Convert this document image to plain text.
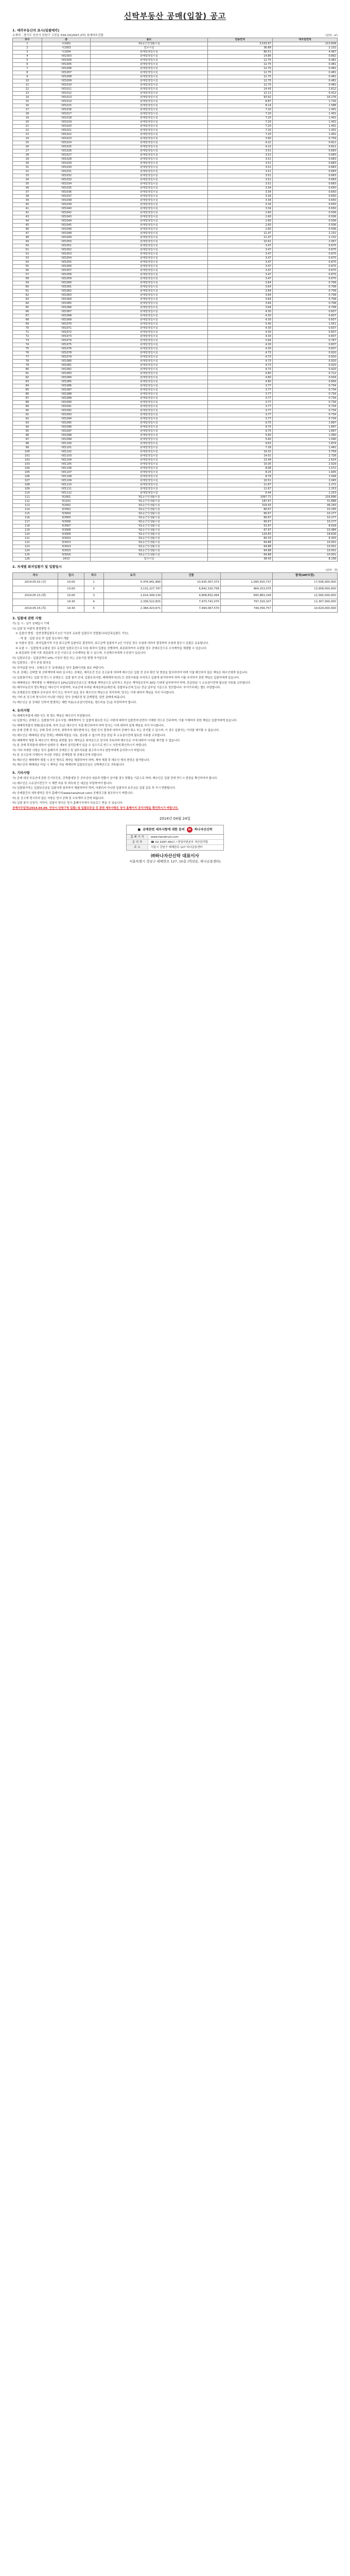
신탁부동산 공매(입찰) 공고
1. 매각부동산의 표시(일괄매각)
소재지 : 경기도 안산시 단원구 고잔동 539-10(2007,2비) 롯데마트건물	(단위 : ㎡)
호수	층	용도	전용면적	대지권면적
1	지1001	제2종근린생활시설	3,533.97	213.838
2	지1503	업무시설	36.89	2.232
3	지1504	판매및영업시설	80.51	4.467
4	지E1003	판매및영업시설	14.86	0.892
5	지E1004	판매및영업시설	12.75	0.481
6	지E1005	판매및영업시설	12.75	0.481
7	지E1006	판매및영업시설	12.75	0.481
8	지E1007	판매및영업시설	12.75	0.481
9	지E1008	판매및영업시설	12.75	0.481
10	지E1009	판매및영업시설	12.75	0.481
11	지E1010	판매및영업시설	12.75	0.481
12	지E1011	판매및영업시설	14.45	2.812
13	지E1012	판매및영업시설	12.11	0.412
14	지E1013	판매및영업시설	93.92	16.276
15	지E1014	판매및영업시설	8.87	1.726
16	지E1015	판매및영업시설	8.14	1.588
17	지E1016	판매및영업시설	7.20	1.401
18	지E1017	판매및영업시설	7.20	1.401
19	지E1018	판매및영업시설	7.20	1.401
20	지E1019	판매및영업시설	7.20	1.401
21	지E1020	판매및영업시설	7.20	1.401
22	지E1021	판매및영업시설	7.20	1.401
23	지E1022	판매및영업시설	7.20	1.401
24	지E1023	판매및영업시설	3.90	0.759
25	지E1024	판매및영업시설	4.22	0.821
26	지E1025	판매및영업시설	4.22	0.821
27	지E1026	판매및영업시설	3.51	0.683
28	지E1027	판매및영업시설	3.51	0.683
29	지E1028	판매및영업시설	3.51	0.683
30	지E1029	판매및영업시설	3.51	0.683
31	지E1030	판매및영업시설	3.51	0.683
32	지E1031	판매및영업시설	3.51	0.683
33	지E1032	판매및영업시설	3.51	0.683
34	지E1033	판매및영업시설	3.51	0.683
35	지E1034	판매및영업시설	3.51	0.683
36	지E1035	판매및영업시설	3.34	0.650
37	지E1036	판매및영업시설	3.34	0.650
38	지E1037	판매및영업시설	3.34	0.650
39	지E1038	판매및영업시설	3.34	0.650
40	지E1039	판매및영업시설	3.34	0.650
41	지E1040	판매및영업시설	3.34	0.650
42	지E1042	판매및영업시설	2.60	0.506
43	지E1043	판매및영업시설	2.60	0.506
44	지E1044	판매및영업시설	2.60	0.506
45	지E1045	판매및영업시설	2.60	0.506
46	지E1046	판매및영업시설	2.60	0.506
47	지E1048	판매및영업시설	11.47	2.232
48	지E1049	판매및영업시설	11.47	2.232
49	지E1050	판매및영업시설	10.62	2.067
50	지E1051	판매및영업시설	3.47	0.675
51	지E1052	판매및영업시설	3.47	0.675
52	지E1053	판매및영업시설	3.47	0.675
53	지E1054	판매및영업시설	3.47	0.675
54	지E1055	판매및영업시설	3.47	0.675
55	지E1056	판매및영업시설	3.47	0.675
56	지E1057	판매및영업시설	3.47	0.675
57	지E1058	판매및영업시설	3.47	0.675
58	지E1059	판매및영업시설	3.47	0.675
59	지E1060	판매및영업시설	3.64	0.708
60	지E1061	판매및영업시설	3.64	0.708
61	지E1062	판매및영업시설	3.64	0.708
62	지E1063	판매및영업시설	3.64	0.708
63	지E1064	판매및영업시설	3.64	0.708
64	지E1065	판매및영업시설	3.64	0.708
65	지E1066	판매및영업시설	3.64	0.708
66	지E1067	판매및영업시설	4.30	0.837
67	지E1068	판매및영업시설	4.30	0.837
68	지E1069	판매및영업시설	4.30	0.837
69	지E1070	판매및영업시설	5.40	1.051
70	지E1071	판매및영업시설	4.30	0.837
71	지E1072	판매및영업시설	4.30	0.837
72	지E1073	판매및영업시설	4.30	0.837
73	지E1074	판매및영업시설	3.94	0.767
74	지E1075	판매및영업시설	4.30	0.837
75	지E1076	판매및영업시설	4.30	0.837
76	지E1078	판매및영업시설	4.73	0.920
77	지E1079	판매및영업시설	4.73	0.920
78	지E1080	판매및영업시설	4.73	0.920
79	지E1081	판매및영업시설	4.73	0.920
80	지E1082	판매및영업시설	4.73	0.920
81	지E1083	판매및영업시설	4.80	0.712
82	지E1084	판매및영업시설	4.80	0.934
83	지E1085	판매및영업시설	4.80	0.856
84	지E1086	판매및영업시설	3.77	0.734
85	지E1087	판매및영업시설	3.77	0.734
86	지E1088	판매및영업시설	3.77	0.734
87	지E1089	판매및영업시설	3.77	0.734
88	지E1090	판매및영업시설	3.77	0.734
89	지E1091	판매및영업시설	3.77	0.734
90	지E1092	판매및영업시설	3.77	0.734
91	지E1093	판매및영업시설	3.77	0.734
92	지E1094	판매및영업시설	3.77	0.734
93	지E1095	판매및영업시설	9.75	1.897
94	지E1096	판매및영업시설	9.75	1.897
95	지E1097	판매및영업시설	9.75	1.897
96	지E1098	판매및영업시설	5.60	1.090
97	지E1099	판매및영업시설	5.60	1.090
98	지E1100	판매및영업시설	9.63	1.874
99	지E1101	판매및영업시설	7.18	1.442
100	지E1102	판매및영업시설	19.32	3.759
101	지E1103	판매및영업시설	14.02	2.728
102	지E1104	판매및영업시설	13.49	2.624
103	지E1105	판매및영업시설	15.05	2.929
104	지E1106	판매및영업시설	8.08	1.572
105	지E1107	판매및영업시설	8.25	1.605
106	지E1108	판매및영업시설	8.79	1.594
107	지E1109	판매및영업시설	10.51	2.045
108	지E1110	판매및영업시설	11.67	2.271
109	지E1111	판매및영업시설	11.67	2.253
110	지E1112	판매및영업시설	6.44	1.253
111	제2001	제1종근린생활시설	1097.71	216.896
112	제2101	제1종근린생활시설	187.67	31.888
113	제2002	제2종근린생활시설	319.43	49.240
114	제3002	제2종근린생활시설	66.67	10.295
115	제3004	제2종근린생활시설	66.67	10.277
116	제3005	제2종근린생활시설	66.67	10.277
117	제3006	제2종근린생활시설	66.67	10.277
118	제3007	제2종근린생활시설	53.97	8.628
119	제3008	제2종근린생활시설	67.97	10.484
120	제3009	제2종근린생활시설	120.83	18.626
121	제3010	제2종근린생활시설	60.33	9.303
122	제3013	제2종근린생활시설	64.88	10.001
123	제3014	제2종근린생활시설	64.88	10.001
124	제3015	제2종근린생활시설	64.88	10.001
125	제3016	제2종근린생활시설	64.88	10.001
126	2413	업무시설	38.43	8.156
2. 자세별 최저입찰가 및 입찰일시
(단위 : 원)
차수	일시	차수	토지	건물		합계(VAT포함)
2014.05.02.(금)	10:00	1	5,476,941,890	10,935,307,373	1,095,550,737	17,506,000,000
	13:00	2	3,131,227,747	6,842,320,758	964,253,075	13,958,000,000
2014.05.13.(화)	10:00	3	2,614,349,134	4,808,832,064	695,883,249	12,565,000,000
	14:30	4	2,336,522,825	7,973,741,070	797,316,107	11,307,000,000
2014.05.15.(목)	14:30	5	2,384,423,671	7,490,067,570	749,356,757	10,629,000,000
3. 입찰에 관한 사항
가) 일 시 : 상기 공매일시 기재
나) 입찰 및 낙찰자 결정방법 등
① 입찰의 방법 : 일반경쟁입찰로서 1인 이상의 유효한 입찰로서 성립합니다(단독입찰도 가능).
- 개 찰 : 입찰 종료 후 입찰 장소에서 개찰
② 낙찰자 결정 : 최저입찰가격 이상 최고금액 입찰자로 결정하되, 최고금액 입찰자가 2인 이상일 경우 추첨에 의하여 결정하며 추첨에 불응시 입찰은 유효합니다.
③ 유찰 시 : 입찰일에 유찰된 경우 동일한 입찰조건으로 다음 회차의 입찰을 진행하며, 최종회차까지 유찰될 경우 공매조건으로 수의계약을 체결할 수 있습니다.
④ 최종회차 공매 이후 최종회차 조건 이상으로 수의계약을 할 수 있으며, 우선매수자에게 우선권이 있습니다.
다) 입찰보증금 : 입찰금액의 10% 이상의 현금 또는 금융기관 발행 자기앞수표
라) 입찰장소 : 당사 본점 회의실
마) 전자입찰 안내 : 공매조건 등 상세내용은 당사 홈페이지를 참조 바랍니다.
가) 본 공매는 신탁법 및 신탁계약에 따라 실시하는 공매로, 매각조건 등은 공고문에 의하며 매수인은 입찰 전 공부 확인 및 현장을 답사하여야 하며 이를 확인하지 않은 책임은 매수인에게 있습니다.
나) 입찰참가자는 입찰 전 반드시 공매공고, 입찰 참가 안내, 입찰유의사항, 매매계약서(안) 등 관련서류를 숙지하고 입찰에 참가하여야 하며 이를 숙지하지 못한 책임은 입찰자에게 있습니다.
다) 매매대금은 계약체결 시 매매대금의 10%(입찰보증금으로 대체)를 계약금으로 납부하고 잔금은 계약일로부터 30일 이내에 납부하여야 하며, 잔금완납 시 소유권이전에 필요한 서류를 교부합니다.
라) 매각부동산의 명도책임은 매수인이 부담하며, 부동산에 부과된 제세공과금(재산세, 종합부동산세 등)은 잔금 납부일 기준으로 정산합니다. 부가가치세는 별도 부담합니다.
마) 공매물건의 현황과 공부상의 차이 또는 하자가 있을 경우 매수인의 책임으로 처리하며, 당사는 이에 대하여 책임을 지지 아니합니다.
바) 기타 본 공고에 명시되지 아니한 사항은 당사 공매규정 및 관계법령, 일반 관례에 따릅니다.
사) 매수인은 본 공매로 인하여 발생하는 제반 비용(소유권이전비용, 명도비용 등)을 부담하여야 합니다.
4. 유의사항
가) 매매목적물에 대한 인도 및 명도 책임은 매수인이 부담합니다.
나) 입찰자는 공매공고, 입찰참가자 준수사항, 매매계약서 등 입찰에 필요한 모든 사항에 대하여 입찰전에 완전히 이해한 것으로 간주하며, 이를 이해하지 못한 책임은 입찰자에게 있습니다.
다) 매매목적물의 현황(점유상태, 하자 등)은 매수인이 직접 확인하여야 하며 당사는 이에 대하여 일체 책임을 지지 아니합니다.
라) 공매 진행 중 또는 공매 후에 수익자, 위탁자의 채무변제 또는 법원 등의 결정에 의하여 공매가 취소 또는 중지될 수 있으며, 이 경우 입찰자는 이의를 제기할 수 없습니다.
마) 매수인은 매매대금 완납 전에는 매매목적물을 사용, 점유할 수 없으며 잔금 완납 후 소유권이전에 필요한 서류를 교부합니다.
바) 매매계약 체결 후 매수인이 계약을 위반할 경우 계약금은 위약금으로 당사에 귀속되며 매수인은 이에 대하여 이의를 제기할 수 없습니다.
사) 본 공매 목적물에 대하여 임대차 등 제3자 권리관계가 있을 수 있으므로 반드시 사전에 확인하시기 바랍니다.
아) 기타 자세한 사항은 당사 홈페이지 공매공고 및 첨부자료를 참고하시거나 담당자에게 문의하시기 바랍니다.
자) 본 공고문에 기재되지 아니한 사항은 관계법령 및 공매조건에 의합니다.
차) 매수인은 매매계약 체결 시 본인 명의로 계약을 체결하여야 하며, 계약 체결 후 매수인 명의 변경은 불가합니다.
카) 매수인의 매매대금 미납 시 계약은 자동 해제되며 입찰보증금은 신탁재산으로 귀속됩니다.
5. 기타사항
가) 공매 대상 부동산에 관한 등기부등본, 건축물대장 등 공부상의 내용과 현황이 상이할 경우 현황을 기준으로 하며, 매수인은 입찰 전에 반드시 현장을 확인하여야 합니다.
나) 매수인은 소유권이전등기 시 제반 비용 및 취득세 등 세금을 부담하여야 합니다.
다) 입찰참가자는 입찰보증금을 입찰서에 첨부하여 제출하여야 하며, 낙찰되지 아니한 입찰자의 보증금은 입찰 종료 후 즉시 반환합니다.
라) 공매물건의 세부내역은 당사 홈페이지(www.hanatrust.com) 공매공고를 참조하시기 바랍니다.
마) 본 공고에 명시되지 않은 사항은 당사 공매 및 수의계약 조건에 따릅니다.
바) 입찰 참가 신청서, 서약서, 입찰서 양식은 당사 홈페이지에서 다운로드 받을 수 있습니다.
공매사무일정(2014.04.09. 안산시 단원구청 입찰) 및 입찰보증금 등 관련 세부사항은 당사 홈페이지 공지사항을 확인하시기 바랍니다.
2014년 04월 24일
■ 공매관련 세부사항에 대한 문의	H	하나자산신탁
홈 페 이 지	www.hanatrust.com
문 의 처	☎ 02-3287-4617 / 영업지원본부 자산관리팀
주 소	서울시 강남구 테헤란로 127 하나금융센터
㈜하나자산신탁 대표이사
서울특별시 강남구 테헤란로 127, 10층 (역삼동, 하나금융센터)
